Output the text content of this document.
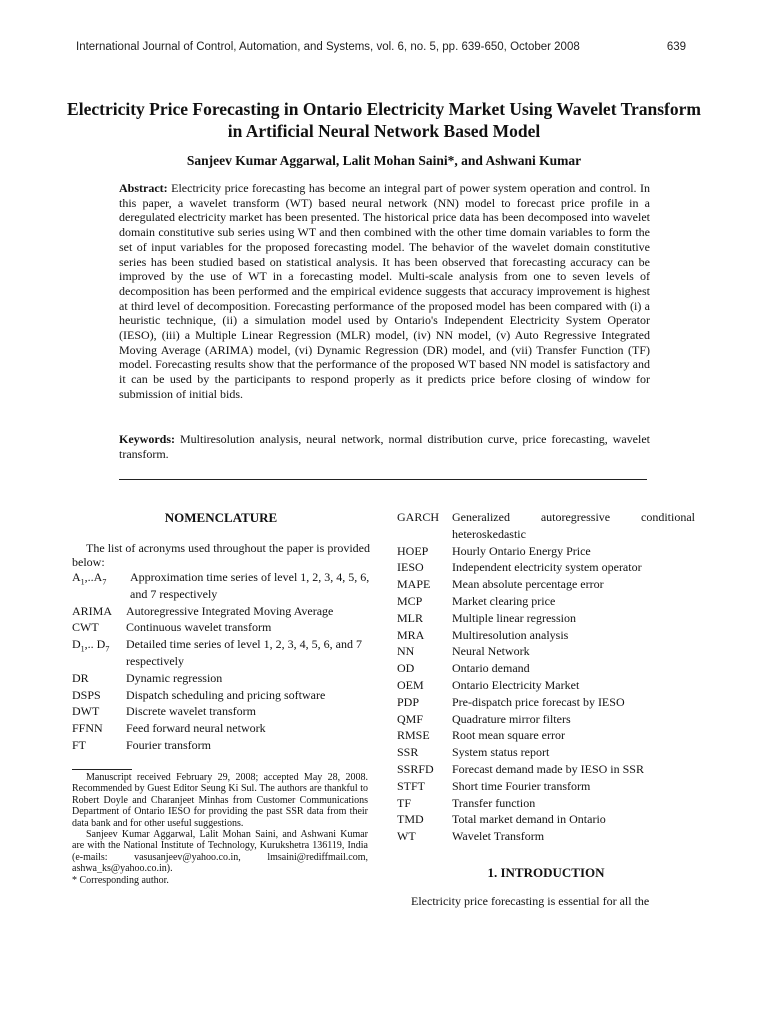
International Journal of Control, Automation, and Systems, vol. 6, no. 5, pp. 639-650, October 2008	639
Electricity Price Forecasting in Ontario Electricity Market Using Wavelet Transform in Artificial Neural Network Based Model
Sanjeev Kumar Aggarwal, Lalit Mohan Saini*, and Ashwani Kumar

Abstract: Electricity price forecasting has become an integral part of power system operation and control. In this paper, a wavelet transform (WT) based neural network (NN) model to forecast price profile in a deregulated electricity market has been presented. The historical price data has been decomposed into wavelet domain constitutive sub series using WT and then combined with the other time domain variables to form the set of input variables for the proposed forecasting model. The behavior of the wavelet domain constitutive series has been studied based on statistical analysis. It has been observed that forecasting accuracy can be improved by the use of WT in a forecasting model. Multi-scale analysis from one to seven levels of decomposition has been performed and the empirical evidence suggests that accuracy improvement is highest at third level of decomposition. Forecasting performance of the proposed model has been compared with (i) a heuristic technique, (ii) a simulation model used by Ontario's Independent Electricity System Operator (IESO), (iii) a Multiple Linear Regression (MLR) model, (iv) NN model, (v) Auto Regressive Integrated Moving Average (ARIMA) model, (vi) Dynamic Regression (DR) model, and (vii) Transfer Function (TF) model. Forecasting results show that the performance of the proposed WT based NN model is satisfactory and it can be used by the participants to respond properly as it predicts price before closing of window for submission of initial bids.

Keywords: Multiresolution analysis, neural network, normal distribution curve, price forecasting, wavelet transform.

NOMENCLATURE

The list of acronyms used throughout the paper is provided below:

$A_1,..A_7$	Approximation time series of level 1, 2, 3, 4, 5, 6, and 7 respectively
ARIMA	Autoregressive Integrated Moving Average
CWT	Continuous wavelet transform
$D_1$,.. $D_7$	Detailed time series of level 1, 2, 3, 4, 5, 6, and 7 respectively
DR	Dynamic regression
DSPS	Dispatch scheduling and pricing software
DWT	Discrete wavelet transform
FFNN	Feed forward neural network
FT	Fourier transform

Manuscript received February 29, 2008; accepted May 28, 2008. Recommended by Guest Editor Seung Ki Sul. The authors are thankful to Robert Doyle and Charanjeet Minhas from Customer Communications Department of Ontario IESO for providing the past SSR data from their data bank and for other useful suggestions.

Sanjeev Kumar Aggarwal, Lalit Mohan Saini, and Ashwani Kumar are with the National Institute of Technology, Kurukshetra 136119, India (e-mails: vasusanjeev@yahoo.co.in, lmsaini@rediffmail.com, ashwa_ks@yahoo.co.in).

* Corresponding author.

GARCH	Generalized autoregressive conditional
heteroskedastic
HOEP	Hourly Ontario Energy Price
IESO	Independent electricity system operator
MAPE	Mean absolute percentage error
MCP	Market clearing price
MLR	Multiple linear regression
MRA	Multiresolution analysis
NN	Neural Network
OD	Ontario demand
OEM	Ontario Electricity Market
PDP	Pre-dispatch price forecast by IESO
QMF	Quadrature mirror filters
RMSE	Root mean square error
SSR	System status report
SSRFD	Forecast demand made by IESO in SSR
STFT	Short time Fourier transform
TF	Transfer function
TMD	Total market demand in Ontario
WT	Wavelet Transform
1. INTRODUCTION

Electricity price forecasting is essential for all the
